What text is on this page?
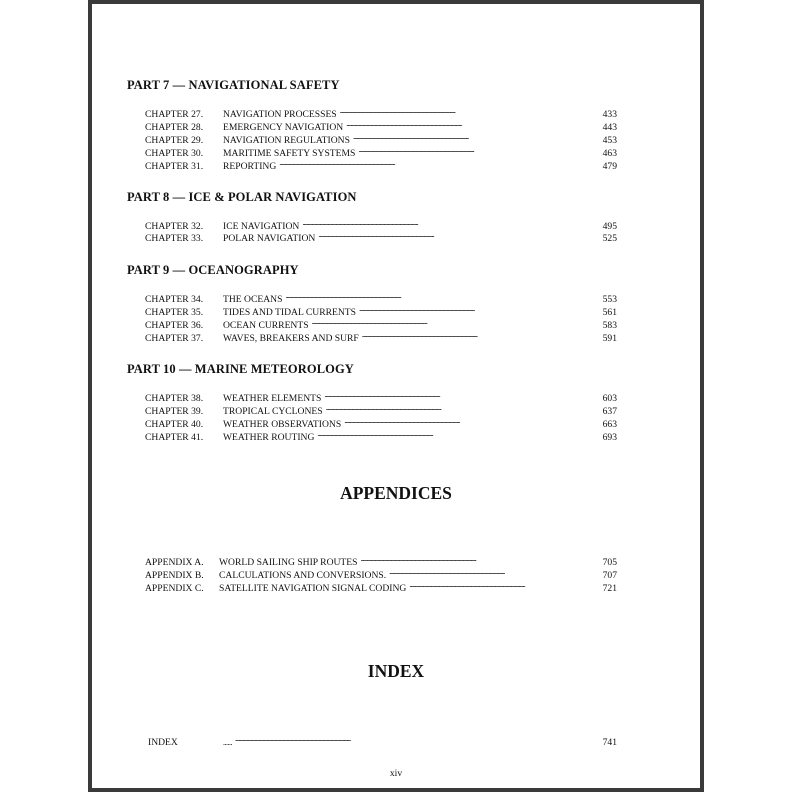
PART 7 — NAVIGATIONAL SAFETY
CHAPTER 27.	NAVIGATION PROCESSES . . .	433
CHAPTER 28.	EMERGENCY NAVIGATION . . .	443
CHAPTER 29.	NAVIGATION REGULATIONS . . .	453
CHAPTER 30.	MARITIME SAFETY SYSTEMS . . .	463
CHAPTER 31.	REPORTING . . .	479
PART 8 — ICE & POLAR NAVIGATION
CHAPTER 32.	ICE NAVIGATION . . .	495
CHAPTER 33.	POLAR NAVIGATION . . .	525
PART 9 — OCEANOGRAPHY
CHAPTER 34.	THE OCEANS . . .	553
CHAPTER 35.	TIDES AND TIDAL CURRENTS . . .	561
CHAPTER 36.	OCEAN CURRENTS . . .	583
CHAPTER 37.	WAVES, BREAKERS AND SURF . . .	591
PART 10 — MARINE METEOROLOGY
CHAPTER 38.	WEATHER ELEMENTS . . .	603
CHAPTER 39.	TROPICAL CYCLONES . . .	637
CHAPTER 40.	WEATHER OBSERVATIONS . . .	663
CHAPTER 41.	WEATHER ROUTING . . .	693
APPENDICES
APPENDIX A.	WORLD SAILING SHIP ROUTES . . .	705
APPENDIX B.	CALCULATIONS AND CONVERSIONS. . . .	707
APPENDIX C.	SATELLITE NAVIGATION SIGNAL CODING . . .	721
INDEX
INDEX	...... . . .	741
xiv
